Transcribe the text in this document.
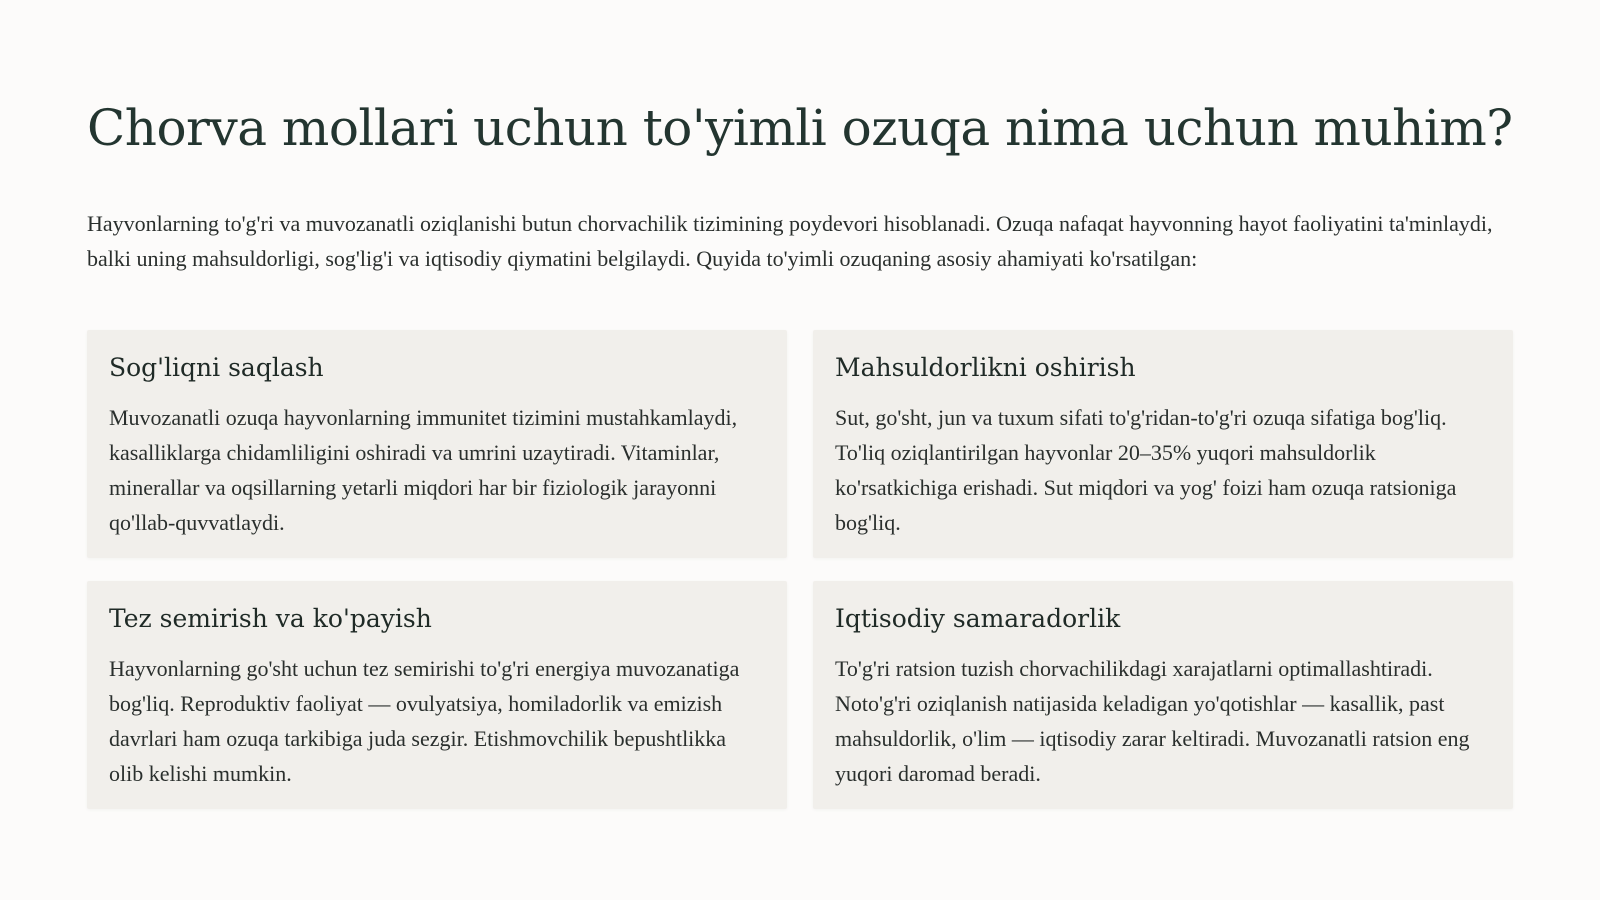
Chorva mollari uchun to'yimli ozuqa nima uchun muhim?

Hayvonlarning to'g'ri va muvozanatli oziqlanishi butun chorvachilik tizimining poydevori hisoblanadi. Ozuqa nafaqat hayvonning hayot faoliyatini ta'minlaydi, balki uning mahsuldorligi, sog'lig'i va iqtisodiy qiymatini belgilaydi. Quyida to'yimli ozuqaning asosiy ahamiyati ko'rsatilgan:

Sog'liqni saqlash

Muvozanatli ozuqa hayvonlarning immunitet tizimini mustahkamlaydi, kasalliklarga chidamliligini oshiradi va umrini uzaytiradi. Vitaminlar, minerallar va oqsillarning yetarli miqdori har bir fiziologik jarayonni qo'llab-quvvatlaydi.

Mahsuldorlikni oshirish

Sut, go'sht, jun va tuxum sifati to'g'ridan-to'g'ri ozuqa sifatiga bog'liq. To'liq oziqlantirilgan hayvonlar 20–35% yuqori mahsuldorlik ko'rsatkichiga erishadi. Sut miqdori va yog' foizi ham ozuqa ratsioniga bog'liq.

Tez semirish va ko'payish

Hayvonlarning go'sht uchun tez semirishi to'g'ri energiya muvozanatiga bog'liq. Reproduktiv faoliyat — ovulyatsiya, homiladorlik va emizish davrlari ham ozuqa tarkibiga juda sezgir. Etishmovchilik bepushtlikka olib kelishi mumkin.

Iqtisodiy samaradorlik

To'g'ri ratsion tuzish chorvachilikdagi xarajatlarni optimallashtiradi. Noto'g'ri oziqlanish natijasida keladigan yo'qotishlar — kasallik, past mahsuldorlik, o'lim — iqtisodiy zarar keltiradi. Muvozanatli ratsion eng yuqori daromad beradi.
